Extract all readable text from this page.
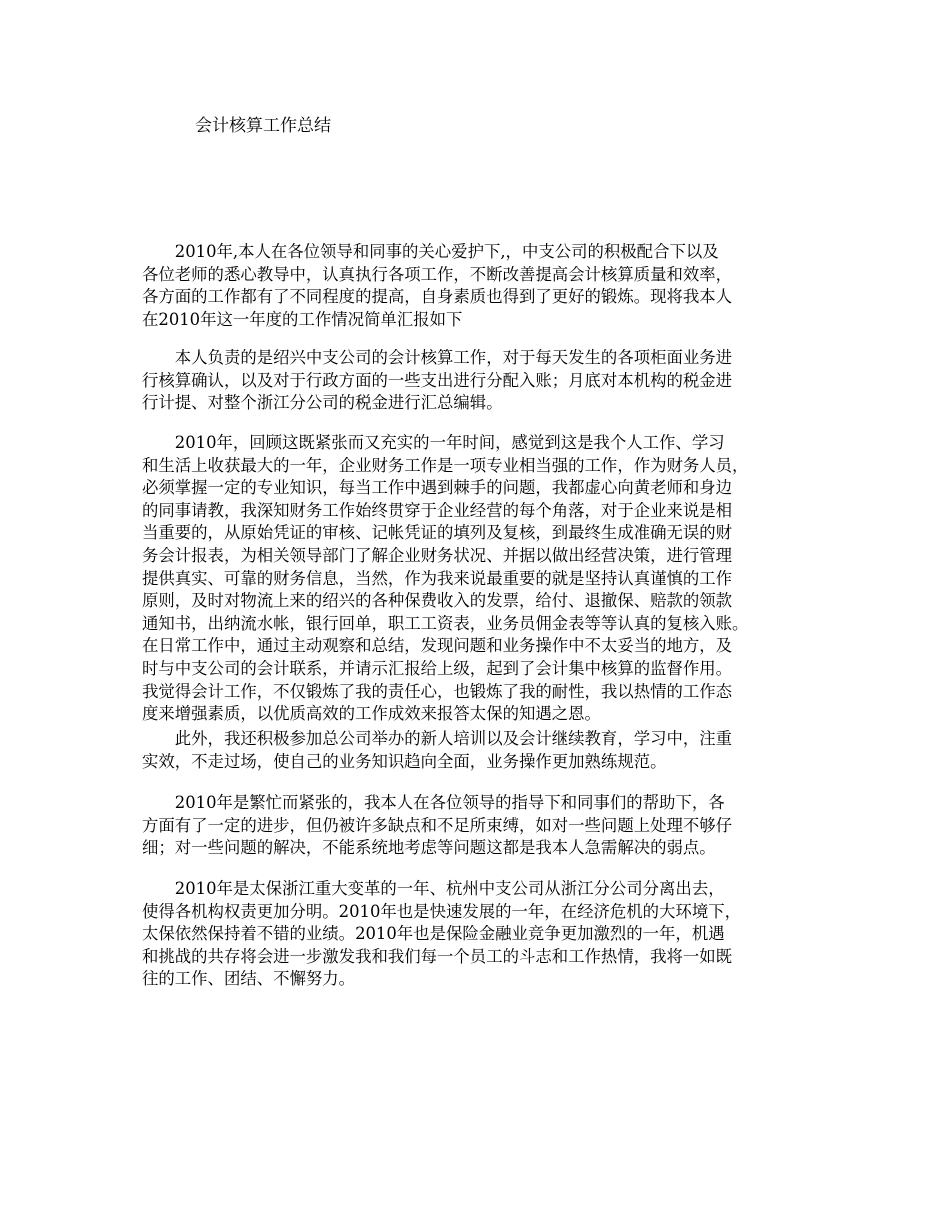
会计核算工作总结
　　2010年,本人在各位领导和同事的关心爱护下,，中支公司的积极配合下以及
各位老师的悉心教导中，认真执行各项工作，不断改善提高会计核算质量和效率，
各方面的工作都有了不同程度的提高，自身素质也得到了更好的锻炼。现将我本人
在2010年这一年度的工作情况简单汇报如下
　　本人负责的是绍兴中支公司的会计核算工作，对于每天发生的各项柜面业务进
行核算确认，以及对于行政方面的一些支出进行分配入账；月底对本机构的税金进
行计提、对整个浙江分公司的税金进行汇总编辑。
　　2010年，回顾这既紧张而又充实的一年时间，感觉到这是我个人工作、学习
和生活上收获最大的一年，企业财务工作是一项专业相当强的工作，作为财务人员，
必须掌握一定的专业知识，每当工作中遇到棘手的问题，我都虚心向黄老师和身边
的同事请教，我深知财务工作始终贯穿于企业经营的每个角落，对于企业来说是相
当重要的，从原始凭证的审核、记帐凭证的填列及复核，到最终生成准确无误的财
务会计报表，为相关领导部门了解企业财务状况、并据以做出经营决策，进行管理
提供真实、可靠的财务信息，当然，作为我来说最重要的就是坚持认真谨慎的工作
原则，及时对物流上来的绍兴的各种保费收入的发票，给付、退撤保、赔款的领款
通知书，出纳流水帐，银行回单，职工工资表，业务员佣金表等等认真的复核入账。
在日常工作中，通过主动观察和总结，发现问题和业务操作中不太妥当的地方，及
时与中支公司的会计联系，并请示汇报给上级，起到了会计集中核算的监督作用。
我觉得会计工作，不仅锻炼了我的责任心，也锻炼了我的耐性，我以热情的工作态
度来增强素质，以优质高效的工作成效来报答太保的知遇之恩。
　　此外，我还积极参加总公司举办的新人培训以及会计继续教育，学习中，注重
实效，不走过场，使自己的业务知识趋向全面，业务操作更加熟练规范。
　　2010年是繁忙而紧张的，我本人在各位领导的指导下和同事们的帮助下，各
方面有了一定的进步，但仍被许多缺点和不足所束缚，如对一些问题上处理不够仔
细；对一些问题的解决，不能系统地考虑等问题这都是我本人急需解决的弱点。
　　2010年是太保浙江重大变革的一年、杭州中支公司从浙江分公司分离出去，
使得各机构权责更加分明。2010年也是快速发展的一年，在经济危机的大环境下，
太保依然保持着不错的业绩。2010年也是保险金融业竞争更加激烈的一年，机遇
和挑战的共存将会进一步激发我和我们每一个员工的斗志和工作热情，我将一如既
往的工作、团结、不懈努力。
